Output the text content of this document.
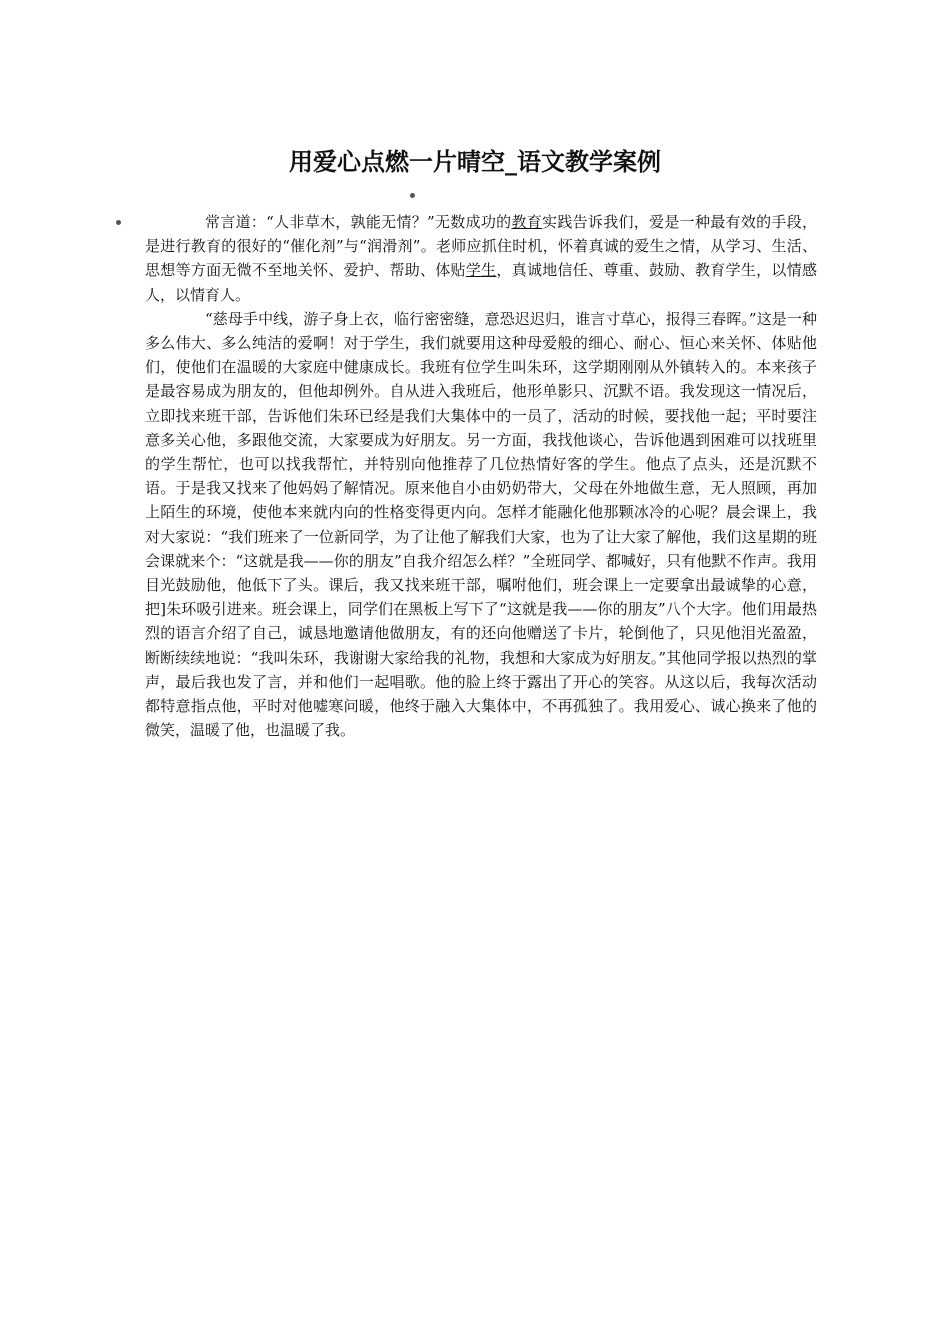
用爱心点燃一片晴空_语文教学案例

常言道：“人非草木，孰能无情？”无数成功的教育实践告诉我们，爱是一种最有效的手段，是进行教育的很好的“催化剂”与“润滑剂”。老师应抓住时机，怀着真诚的爱生之情，从学习、生活、思想等方面无微不至地关怀、爱护、帮助、体贴学生，真诚地信任、尊重、鼓励、教育学生，以情感人，以情育人。

“慈母手中线，游子身上衣，临行密密缝，意恐迟迟归，谁言寸草心，报得三春晖。”这是一种多么伟大、多么纯洁的爱啊！对于学生，我们就要用这种母爱般的细心、耐心、恒心来关怀、体贴他们，使他们在温暖的大家庭中健康成长。我班有位学生叫朱环，这学期刚刚从外镇转入的。本来孩子是最容易成为朋友的，但他却例外。自从进入我班后，他形单影只、沉默不语。我发现这一情况后，立即找来班干部，告诉他们朱环已经是我们大集体中的一员了，活动的时候，要找他一起；平时要注意多关心他，多跟他交流，大家要成为好朋友。另一方面，我找他谈心，告诉他遇到困难可以找班里的学生帮忙，也可以找我帮忙，并特别向他推荐了几位热情好客的学生。他点了点头，还是沉默不语。于是我又找来了他妈妈了解情况。原来他自小由奶奶带大，父母在外地做生意，无人照顾，再加上陌生的环境，使他本来就内向的性格变得更内向。怎样才能融化他那颗冰冷的心呢？晨会课上，我对大家说：“我们班来了一位新同学，为了让他了解我们大家，也为了让大家了解他，我们这星期的班会课就来个：“这就是我——你的朋友”自我介绍怎么样？”全班同学、都喊好，只有他默不作声。我用目光鼓励他，他低下了头。课后，我又找来班干部，嘱咐他们，班会课上一定要拿出最诚挚的心意，把]朱环吸引进来。班会课上，同学们在黑板上写下了“这就是我——你的朋友”八个大字。他们用最热烈的语言介绍了自己，诚恳地邀请他做朋友，有的还向他赠送了卡片，轮倒他了，只见他泪光盈盈，断断续续地说：“我叫朱环，我谢谢大家给我的礼物，我想和大家成为好朋友。”其他同学报以热烈的掌声，最后我也发了言，并和他们一起唱歌。他的脸上终于露出了开心的笑容。从这以后，我每次活动都特意指点他，平时对他嘘寒问暖，他终于融入大集体中，不再孤独了。我用爱心、诚心换来了他的微笑，温暖了他，也温暖了我。
